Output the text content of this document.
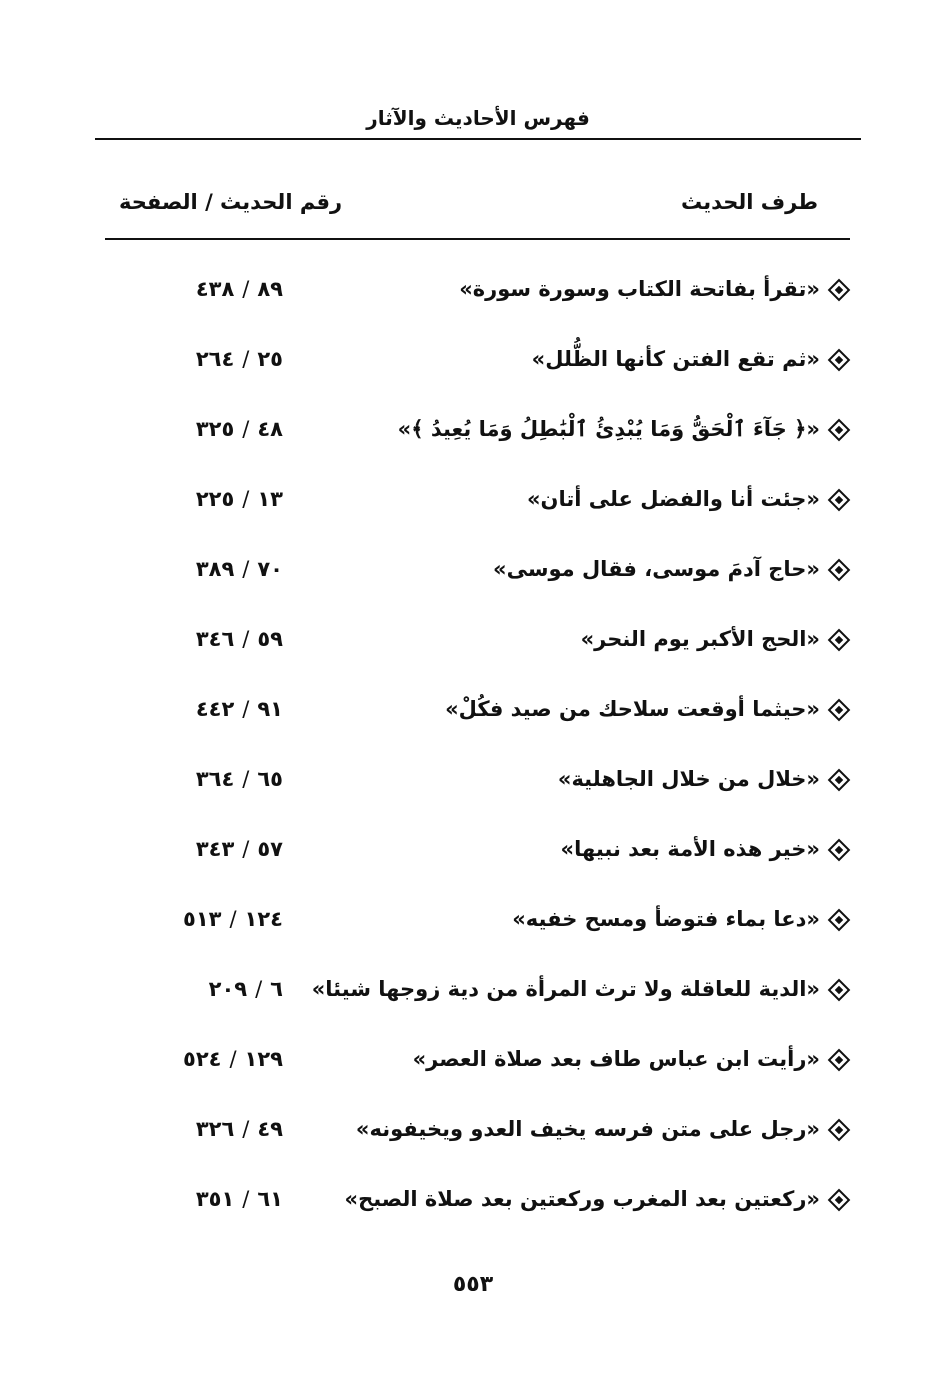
فهرس الأحاديث والآثار
طرف الحديث
رقم الحديث / الصفحة
«تقرأ بفاتحة الكتاب وسورة سورة»
٨٩/٤٣٨
«ثم تقع الفتن كأنها الظُّلل»
٢٥/٢٦٤
«﴿ جَآءَ ٱلْحَقُّ وَمَا يُبْدِئُ ٱلْبَٰطِلُ وَمَا يُعِيدُ ﴾»
٤٨/٣٢٥
«جئت أنا والفضل على أتان»
١٣/٢٢٥
«حاج آدمَ موسى، فقال موسى»
٧٠/٣٨٩
«الحج الأكبر يوم النحر»
٥٩/٣٤٦
«حيثما أوقعت سلاحك من صيد فكُلْ»
٩١/٤٤٢
«خلال من خلال الجاهلية»
٦٥/٣٦٤
«خير هذه الأمة بعد نبيها»
٥٧/٣٤٣
«دعا بماء فتوضأ ومسح خفيه»
١٢٤/٥١٣
«الدية للعاقلة ولا ترث المرأة من دية زوجها شيئا»
٦/٢٠٩
«رأيت ابن عباس طاف بعد صلاة العصر»
١٢٩/٥٢٤
«رجل على متن فرسه يخيف العدو ويخيفونه»
٤٩/٣٢٦
«ركعتين بعد المغرب وركعتين بعد صلاة الصبح»
٦١/٣٥١
٥٥٣
